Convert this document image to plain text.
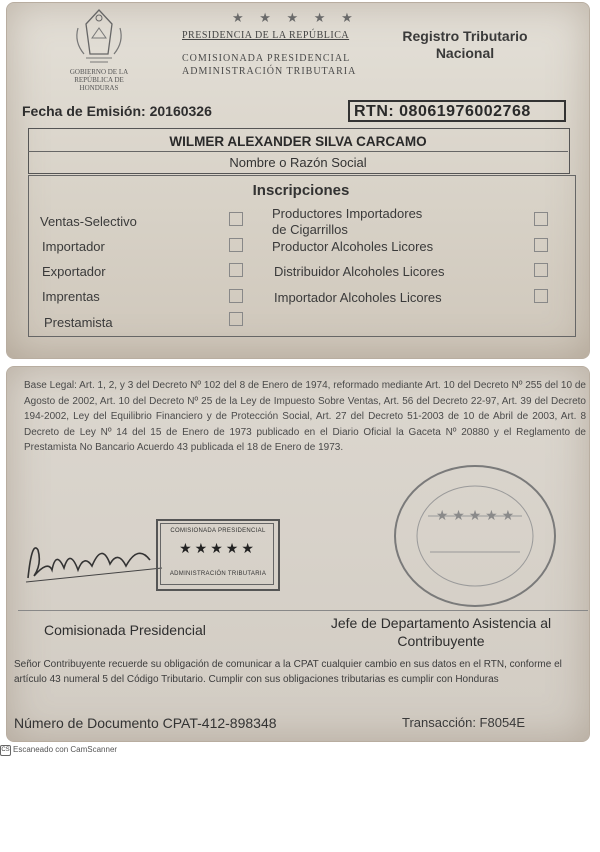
GOBIERNO DE LA REPÚBLICA DE HONDURAS
★ ★ ★ ★ ★
PRESIDENCIA DE LA REPÚBLICA
COMISIONADA PRESIDENCIAL
ADMINISTRACIÓN TRIBUTARIA
Registro Tributario
Nacional
Fecha de Emisión: 20160326	RTN: 08061976002768
WILMER ALEXANDER SILVA CARCAMO
Nombre o Razón Social
Inscripciones
Ventas-Selectivo
Importador
Exportador
Imprentas
Prestamista
Productores Importadores
de Cigarrillos
Productor Alcoholes Licores
Distribuidor Alcoholes Licores
Importador Alcoholes Licores
Base Legal: Art. 1, 2, y 3 del Decreto Nº 102 del 8 de Enero de 1974, reformado mediante Art. 10 del Decreto Nº 255 del 10 de Agosto de 2002, Art. 10 del Decreto Nº 25 de la Ley de Impuesto Sobre Ventas, Art. 56 del Decreto 22-97, Art. 39 del Decreto 194-2002, Ley del Equilibrio Financiero y de Protección Social, Art. 27 del Decreto 51-2003 de 10 de Abril de 2003, Art. 8 Decreto de Ley Nº 14 del 15 de Enero de 1973 publicado en el Diario Oficial la Gaceta Nº 20880 y el Reglamento de Prestamista No Bancario Acuerdo 43 publicada el 18 de Enero de 1973.
COMISIONADA PRESIDENCIAL
★★★★★
ADMINISTRACIÓN TRIBUTARIA
★ ★ ★ ★ ★
Comisionada Presidencial	Jefe de Departamento Asistencia al Contribuyente
Señor Contribuyente recuerde su obligación de comunicar a la CPAT cualquier cambio en sus datos en el RTN, conforme el artículo 43 numeral 5 del Código Tributario. Cumplir con sus obligaciones tributarias es cumplir con Honduras
Número de Documento CPAT-412-898348	Transacción: F8054E
CS Escaneado con CamScanner
